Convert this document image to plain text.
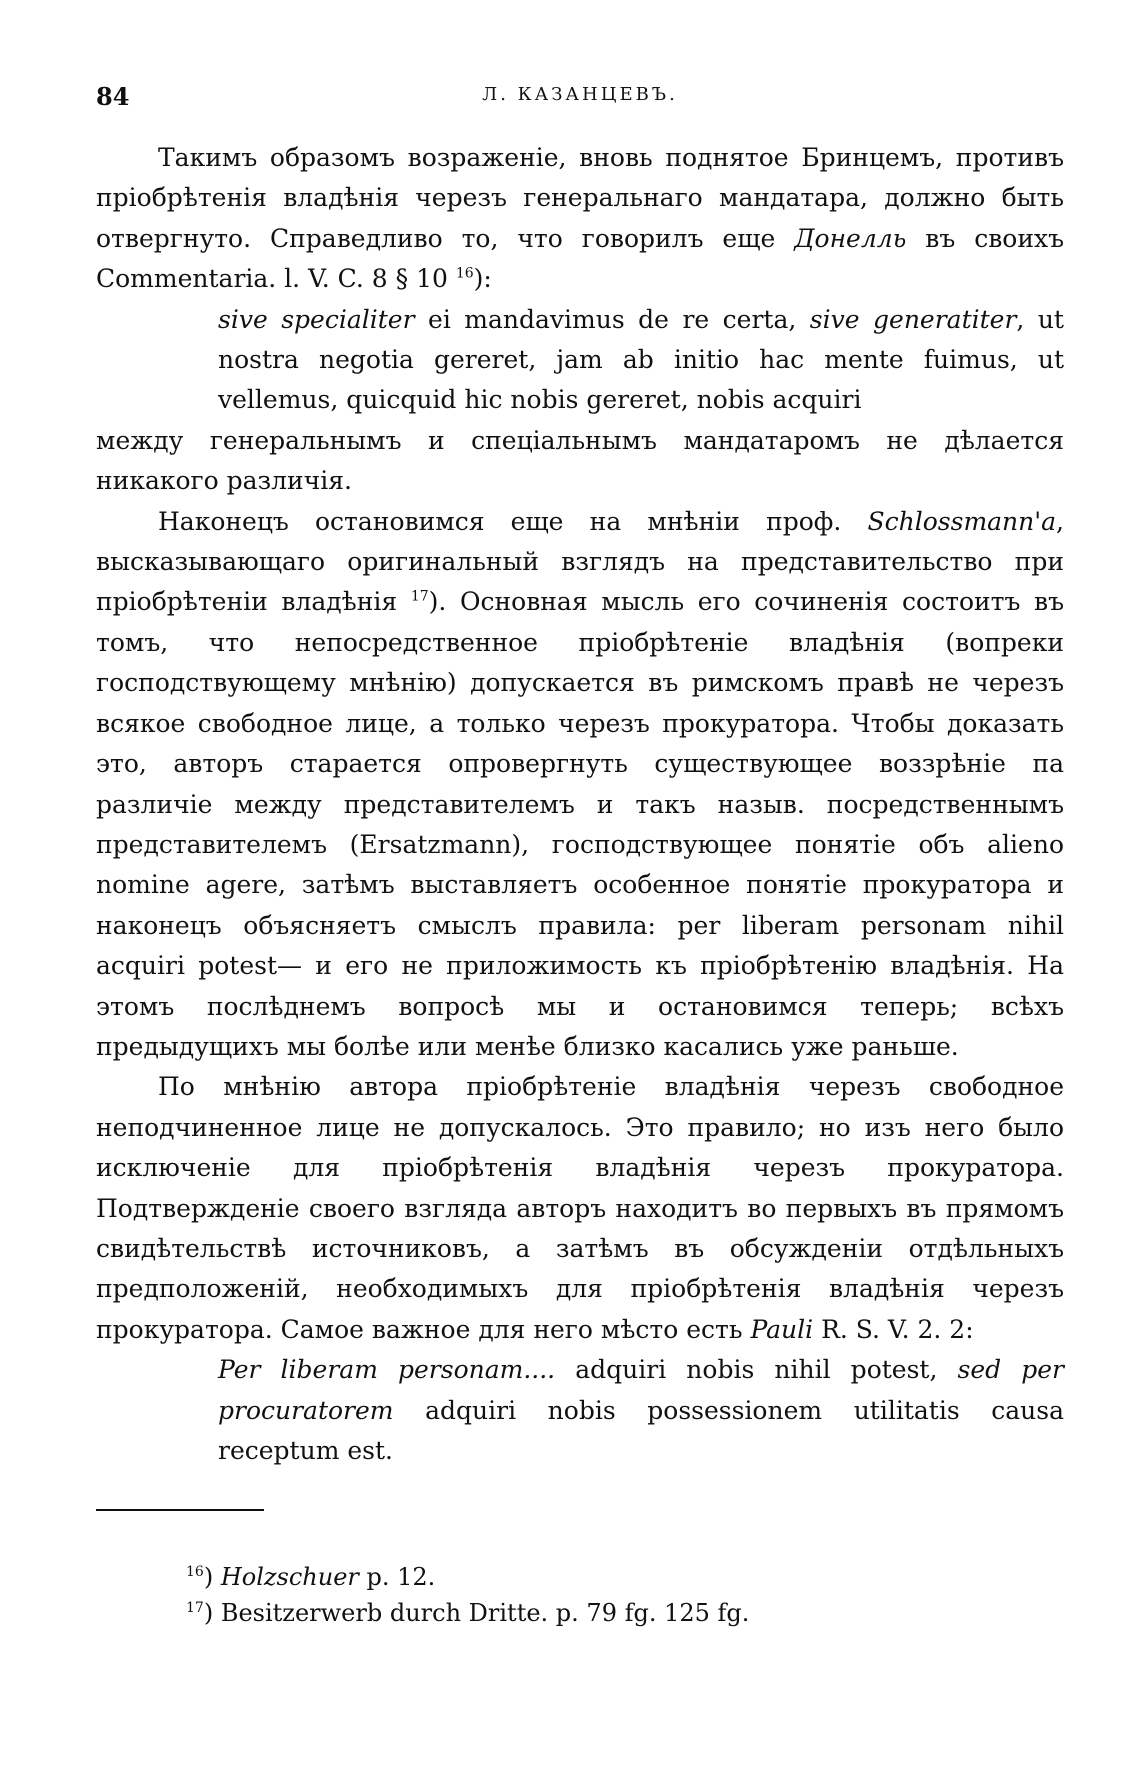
84	Л. КАЗАНЦЕВЪ.

Такимъ образомъ возраженіе, вновь поднятое Бринцемъ, противъ пріобрѣтенія владѣнія черезъ генеральнаго мандатара, должно быть отвергнуто. Справедливо то, что говорилъ еще Донелль въ своихъ Commentaria. l. V. C. 8 § 10 $^{16}$):

sive specialiter ei mandavimus de re certa, sive generatiter, ut nostra negotia gereret, jam ab initio hac mente fuimus, ut vellemus, quicquid hic nobis gereret, nobis acquiri

между генеральнымъ и спеціальнымъ мандатаромъ не дѣлается никакого различія.

Наконецъ остановимся еще на мнѣніи проф. Schlossmann'a, высказывающаго оригинальный взглядъ на представительство при пріобрѣтеніи владѣнія $^{17}$). Основная мысль его сочиненія состоитъ въ томъ, что непосредственное пріобрѣтеніе владѣнія (вопреки господствующему мнѣнію) допускается въ римскомъ правѣ не черезъ всякое свободное лице, а только черезъ прокуратора. Чтобы доказать это, авторъ старается опровергнуть существующее воззрѣніе па различіе между представителемъ и такъ назыв. посредственнымъ представителемъ (Ersatzmann), господствующее понятіе объ alieno nomine agere, затѣмъ выставляетъ особенное понятіе прокуратора и наконецъ объясняетъ смыслъ правила: per liberam personam nihil acquiri potest— и его не приложимость къ пріобрѣтенію владѣнія. На этомъ послѣднемъ вопросѣ мы и остановимся теперь; всѣхъ предыдущихъ мы болѣе или менѣе близко касались уже раньше.

По мнѣнію автора пріобрѣтеніе владѣнія черезъ свободное неподчиненное лице не допускалось. Это правило; но изъ него было исключеніе для пріобрѣтенія владѣнія черезъ прокуратора. Подтвержденіе своего взгляда авторъ находитъ во первыхъ въ прямомъ свидѣтельствѣ источниковъ, а затѣмъ въ обсужденіи отдѣльныхъ предположеній, необходимыхъ для пріобрѣтенія владѣнія черезъ прокуратора. Самое важное для него мѣсто есть Pauli R. S. V. 2. 2:

Per liberam personam.... adquiri nobis nihil potest, sed per procuratorem adquiri nobis possessionem utilitatis causa receptum est.

$^{16}$) Holzschuer p. 12.

$^{17}$) Besitzerwerb durch Dritte. p. 79 fg. 125 fg.
